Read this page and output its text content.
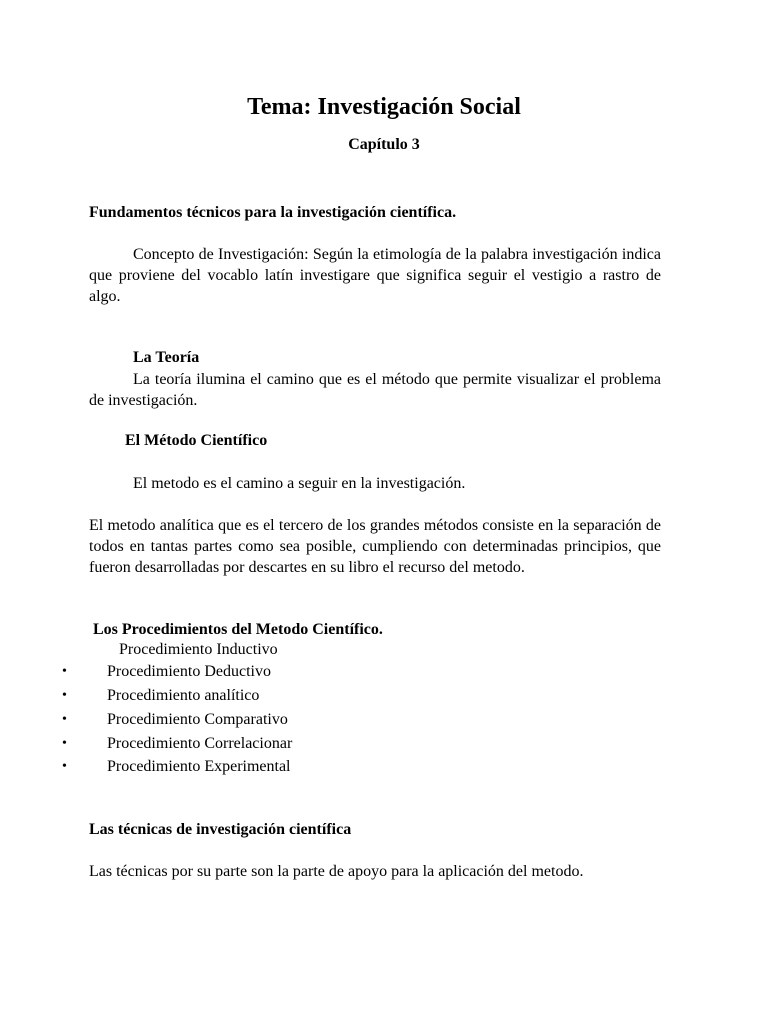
Tema: Investigación Social
Capítulo 3
Fundamentos técnicos para la investigación científica.

Concepto de Investigación: Según la etimología de la palabra investigación indica que proviene del vocablo latín investigare que significa seguir el vestigio a rastro de algo.

La Teoría

La teoría ilumina el camino que es el método que permite visualizar el problema de investigación.

El Método Científico
El metodo es el camino a seguir en la investigación.

El metodo analítica que es el tercero de los grandes métodos consiste en la separación de todos en tantas partes como sea posible, cumpliendo con determinadas principios, que fueron desarrolladas por descartes en su libro el recurso del metodo.

Los Procedimientos del Metodo Científico.
Procedimiento Inductivo
•	Procedimiento Deductivo
•	Procedimiento analítico
•	Procedimiento Comparativo
•	Procedimiento Correlacionar
•	Procedimiento Experimental
Las técnicas de investigación científica
Las técnicas por su parte son la parte de apoyo para la aplicación del metodo.
